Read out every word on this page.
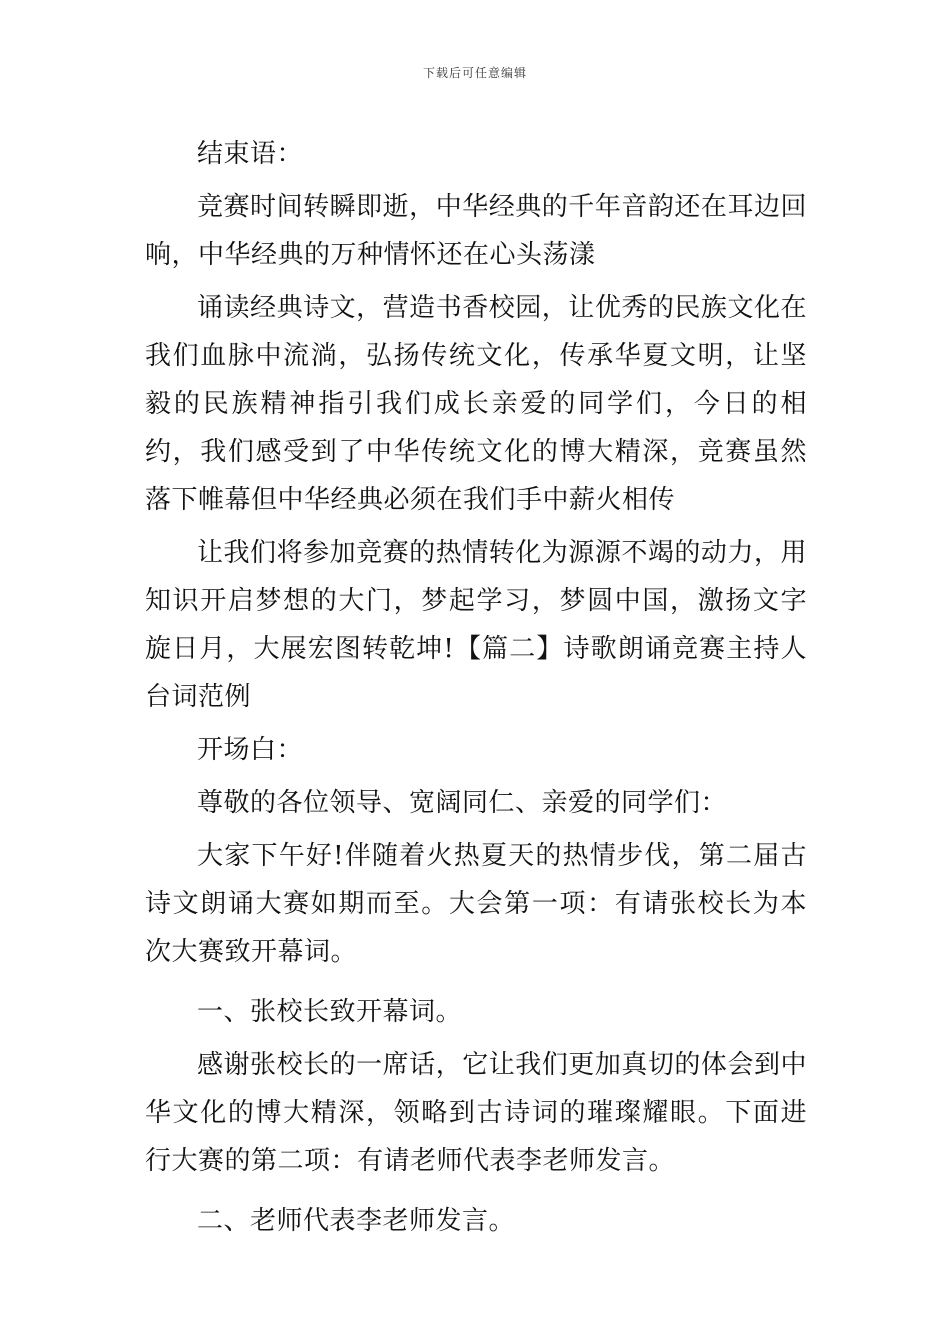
下载后可任意编辑

结束语：

竞赛时间转瞬即逝，中华经典的千年音韵还在耳边回响，中华经典的万种情怀还在心头荡漾

诵读经典诗文，营造书香校园，让优秀的民族文化在我们血脉中流淌，弘扬传统文化，传承华夏文明，让坚毅的民族精神指引我们成长亲爱的同学们，今日的相约，我们感受到了中华传统文化的博大精深，竞赛虽然落下帷幕但中华经典必须在我们手中薪火相传

让我们将参加竞赛的热情转化为源源不竭的动力，用知识开启梦想的大门，梦起学习，梦圆中国，激扬文字旋日月，大展宏图转乾坤!【篇二】诗歌朗诵竞赛主持人台词范例

开场白：

尊敬的各位领导、宽阔同仁、亲爱的同学们：

大家下午好!伴随着火热夏天的热情步伐，第二届古诗文朗诵大赛如期而至。大会第一项：有请张校长为本次大赛致开幕词。

一、张校长致开幕词。

感谢张校长的一席话，它让我们更加真切的体会到中华文化的博大精深，领略到古诗词的璀璨耀眼。下面进行大赛的第二项：有请老师代表李老师发言。

二、老师代表李老师发言。
